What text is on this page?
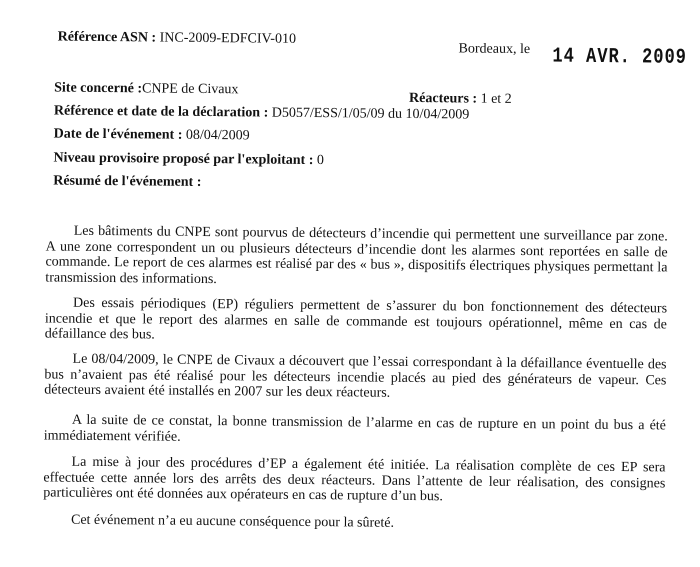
Référence ASN : INC-2009-EDFCIV-010
Bordeaux, le 14 AVR. 2009
Site concerné :CNPE de Civaux
Réacteurs : 1 et 2
Référence et date de la déclaration : D5057/ESS/1/05/09 du 10/04/2009
Date de l'événement : 08/04/2009
Niveau provisoire proposé par l'exploitant : 0
Résumé de l'événement :

Les bâtiments du CNPE sont pourvus de détecteurs d’incendie qui permettent une surveillance par zone. A une zone correspondent un ou plusieurs détecteurs d’incendie dont les alarmes sont reportées en salle de commande. Le report de ces alarmes est réalisé par des « bus », dispositifs électriques physiques permettant la transmission des informations.

Des essais périodiques (EP) réguliers permettent de s’assurer du bon fonctionnement des détecteurs incendie et que le report des alarmes en salle de commande est toujours opérationnel, même en cas de défaillance des bus.

Le 08/04/2009, le CNPE de Civaux a découvert que l’essai correspondant à la défaillance éventuelle des bus n’avaient pas été réalisé pour les détecteurs incendie placés au pied des générateurs de vapeur. Ces détecteurs avaient été installés en 2007 sur les deux réacteurs.

A la suite de ce constat, la bonne transmission de l’alarme en cas de rupture en un point du bus a été immédiatement vérifiée.

La mise à jour des procédures d’EP a également été initiée. La réalisation complète de ces EP sera effectuée cette année lors des arrêts des deux réacteurs. Dans l’attente de leur réalisation, des consignes particulières ont été données aux opérateurs en cas de rupture d’un bus.

Cet événement n’a eu aucune conséquence pour la sûreté.
